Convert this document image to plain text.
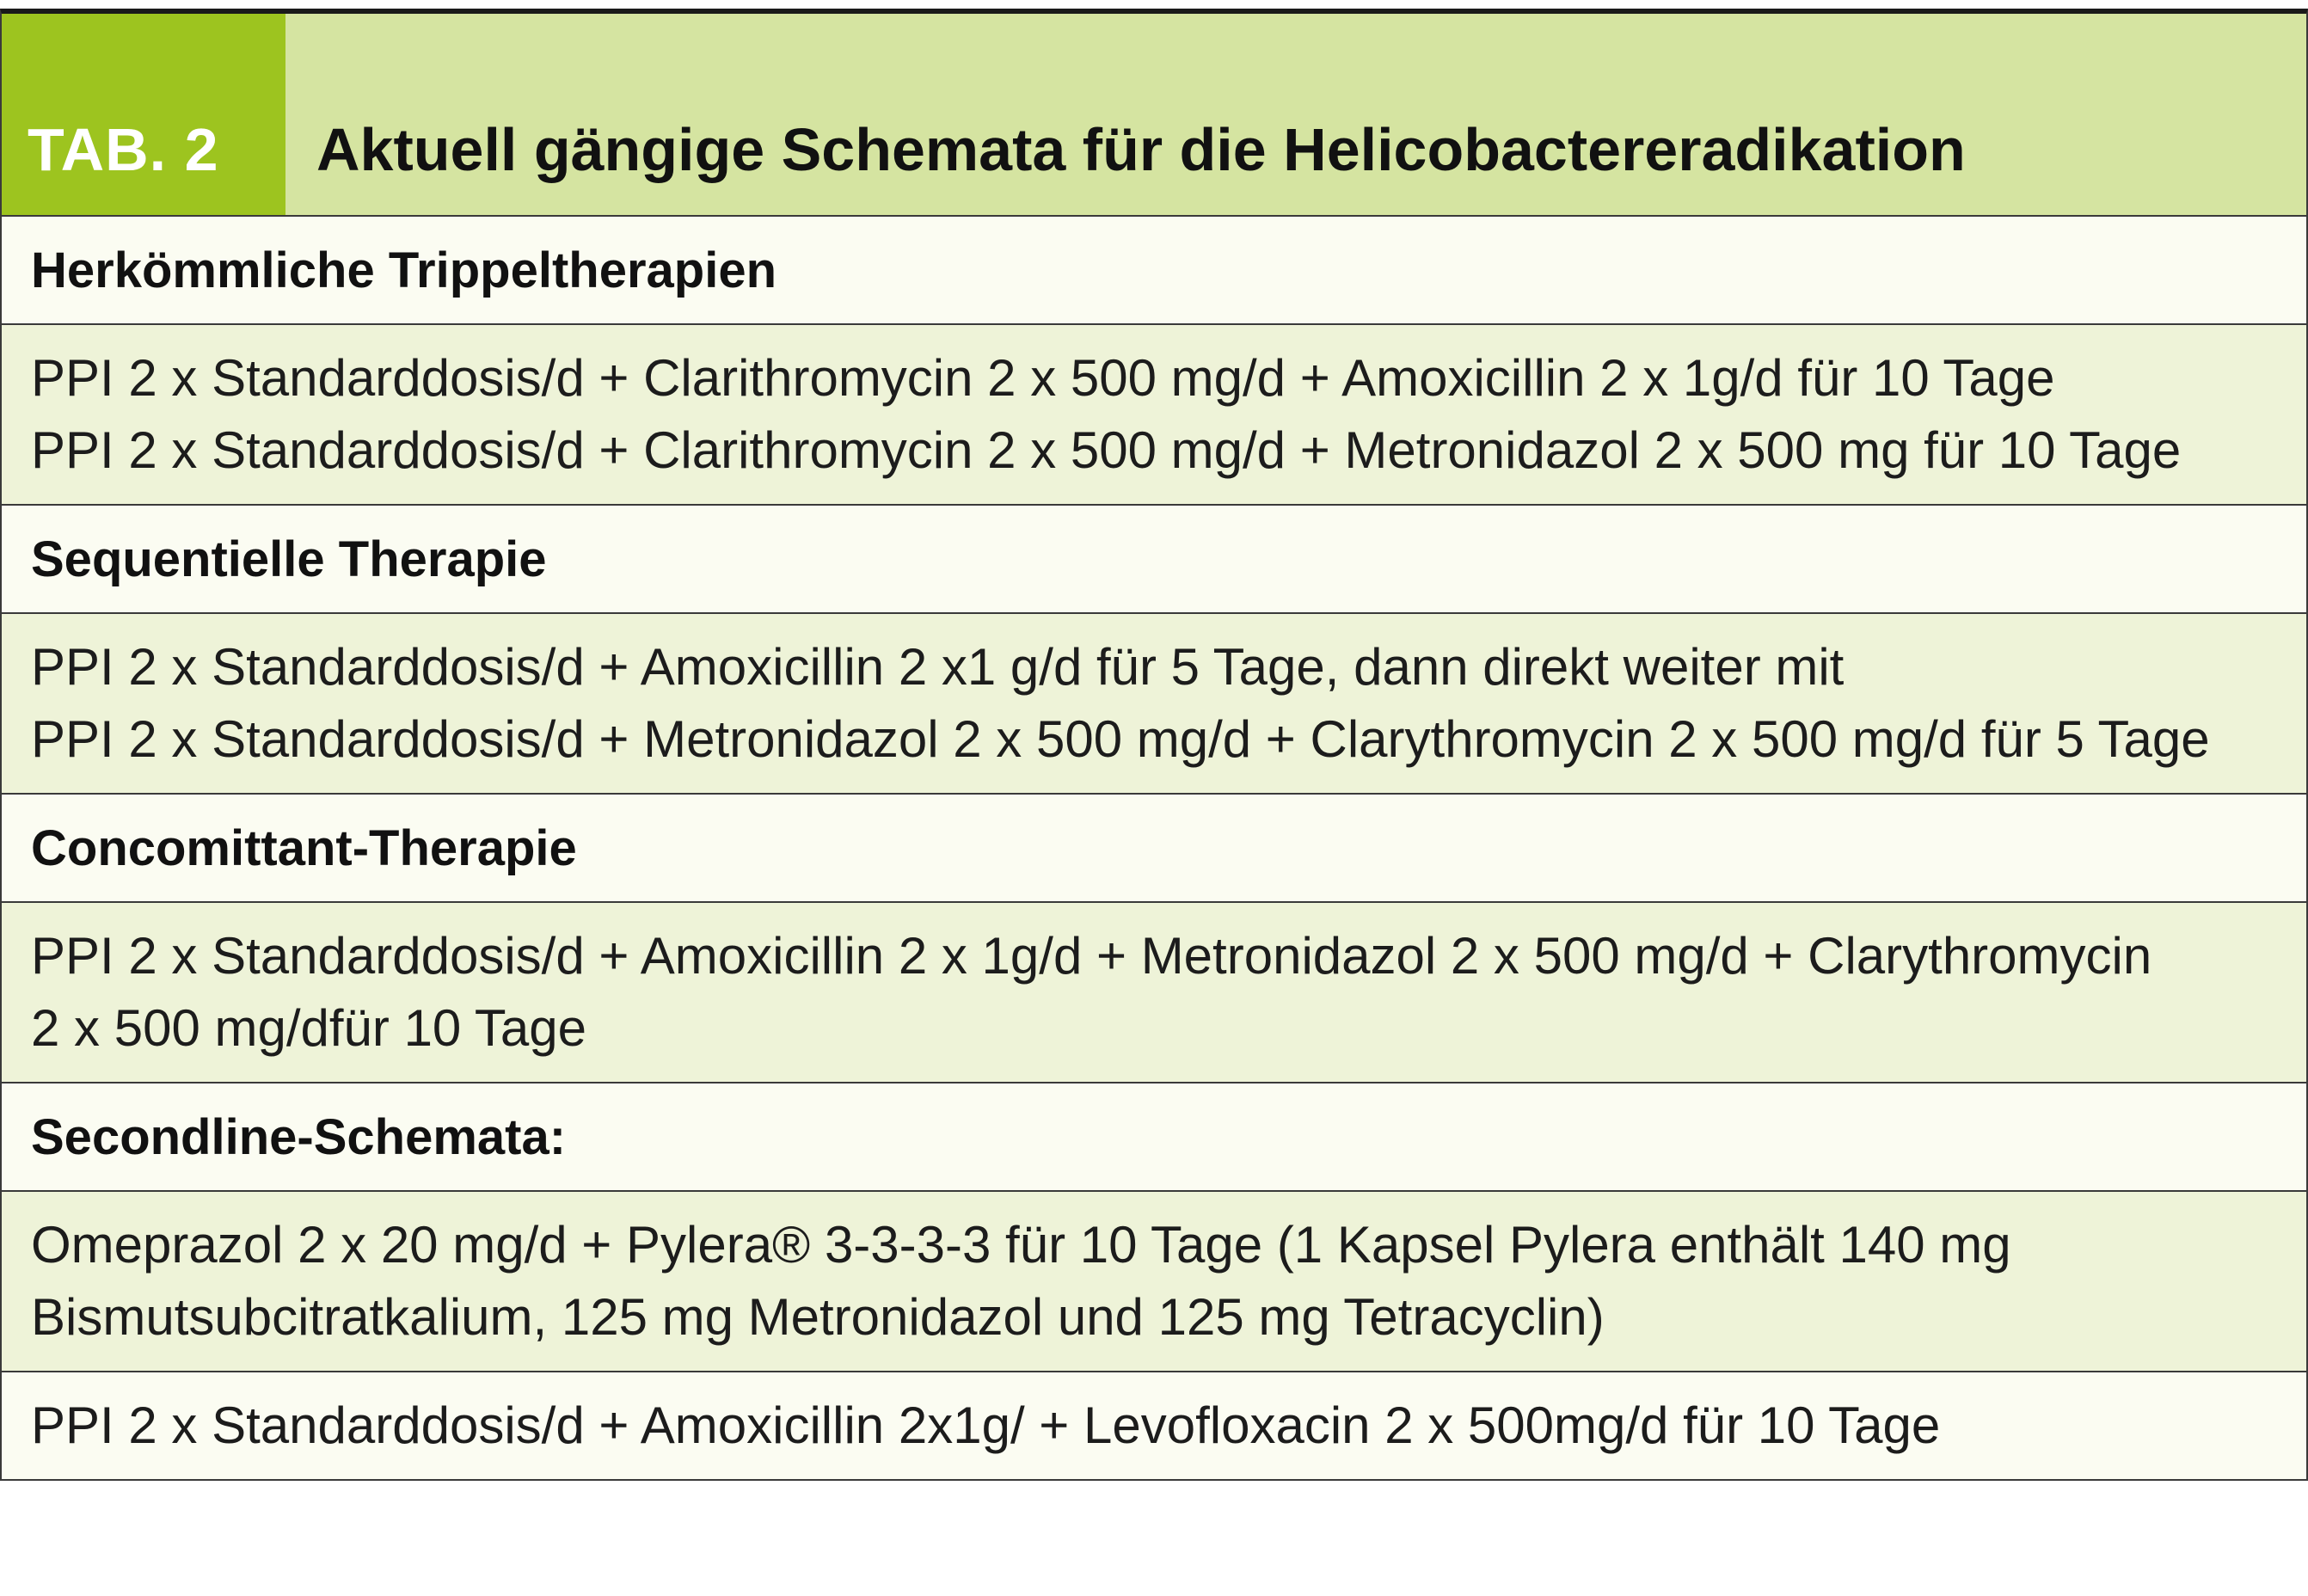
TAB. 2	Aktuell gängige Schemata für die Helicobactereradikation
Herkömmliche Trippeltherapien
PPI 2 x Standarddosis/d + Clarithromycin 2 x 500 mg/d + Amoxicillin 2 x 1g/d für 10 Tage
PPI 2 x Standarddosis/d + Clarithromycin 2 x 500 mg/d + Metronidazol 2 x 500 mg für 10 Tage
Sequentielle Therapie
PPI 2 x Standarddosis/d + Amoxicillin 2 x1 g/d für 5 Tage, dann direkt weiter mit
PPI 2 x Standarddosis/d + Metronidazol 2 x 500 mg/d + Clarythromycin 2 x 500 mg/d für 5 Tage
Concomittant-Therapie
PPI 2 x Standarddosis/d + Amoxicillin 2 x 1g/d + Metronidazol 2 x 500 mg/d + Clarythromycin
2 x 500 mg/dfür 10 Tage
Secondline-Schemata:
Omeprazol 2 x 20 mg/d + Pylera® 3-3-3-3 für 10 Tage (1 Kapsel Pylera enthält 140 mg
Bismutsubcitratkalium, 125 mg Metronidazol und 125 mg Tetracyclin)
PPI 2 x Standarddosis/d + Amoxicillin 2x1g/ + Levofloxacin 2 x 500mg/d für 10 Tage
